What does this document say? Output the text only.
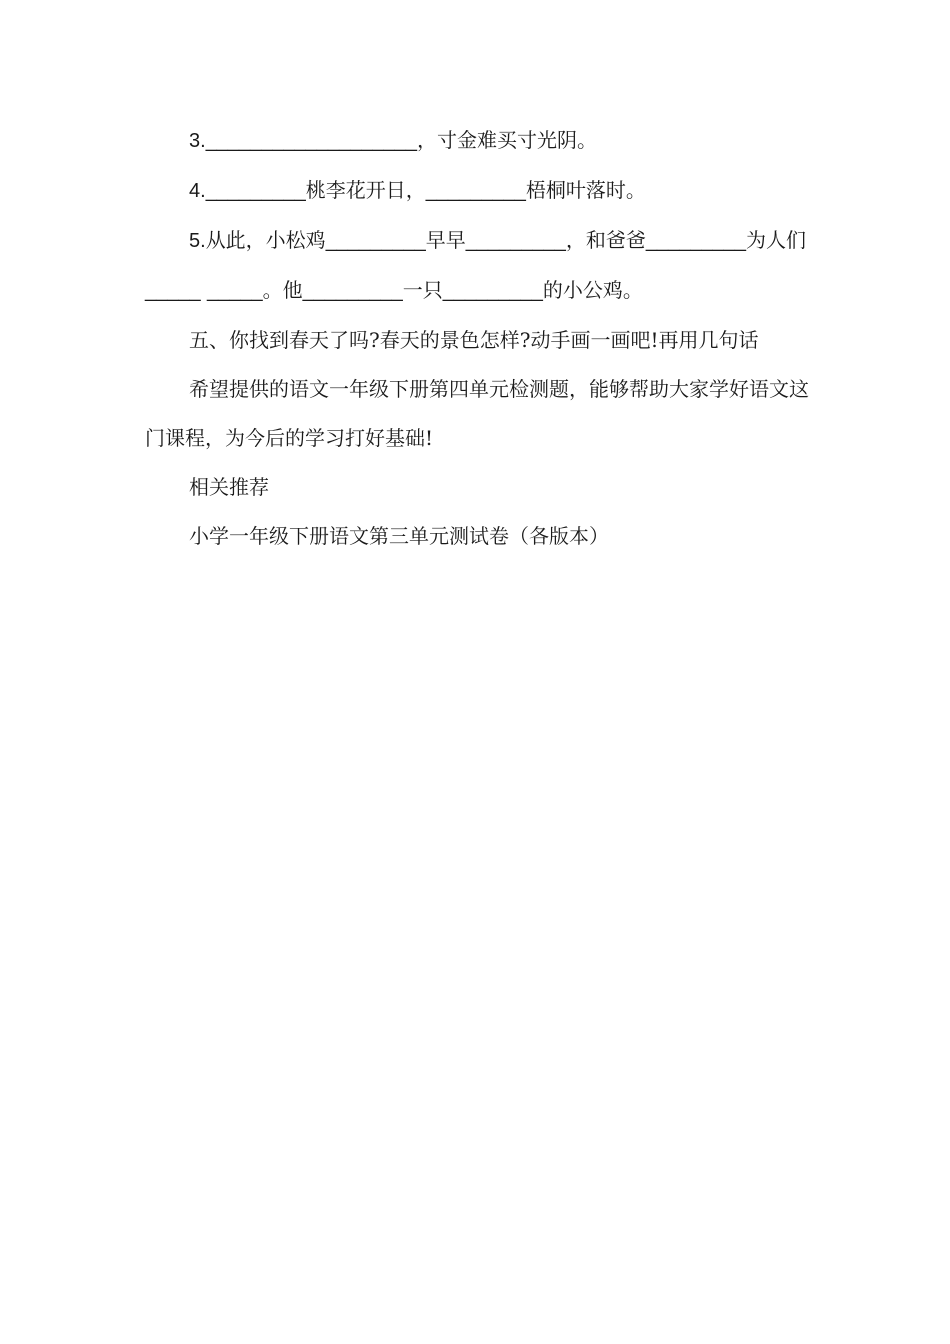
3.___________________，寸金难买寸光阴。

4._________桃李花开日，_________梧桐叶落时。

5.从此，小松鸡_________早早_________，和爸爸_________为人们_____ _____。他_________一只_________的小公鸡。

五、你找到春天了吗?春天的景色怎样?动手画一画吧!再用几句话

希望提供的语文一年级下册第四单元检测题，能够帮助大家学好语文这门课程，为今后的学习打好基础!

相关推荐

小学一年级下册语文第三单元测试卷（各版本）
